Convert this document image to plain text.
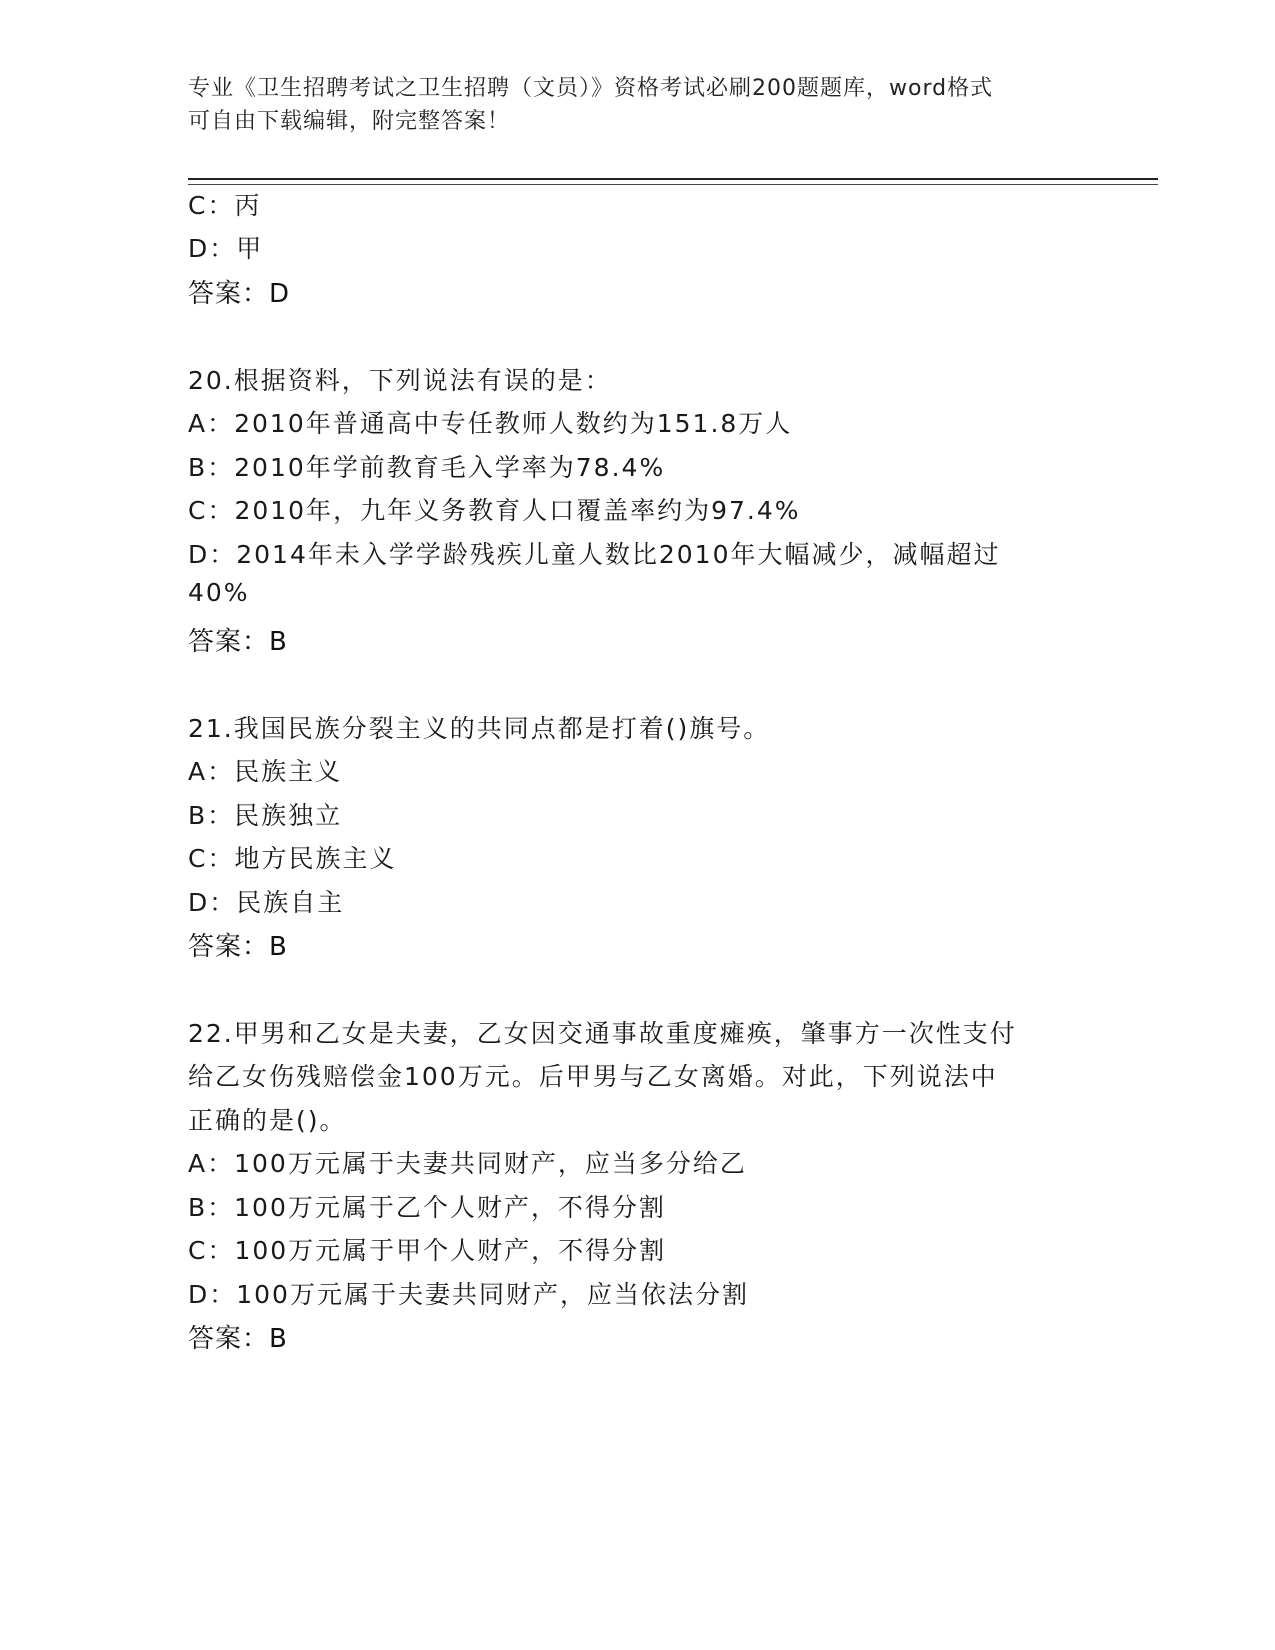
专业《卫生招聘考试之卫生招聘（文员）》资格考试必刷200题题库，word格式
可自由下载编辑，附完整答案！
C：丙
D：甲
答案：D
20.根据资料，下列说法有误的是：
A：2010年普通高中专任教师人数约为151.8万人
B：2010年学前教育毛入学率为78.4%
C：2010年，九年义务教育人口覆盖率约为97.4%
D：2014年未入学学龄残疾儿童人数比2010年大幅减少，减幅超过
40%
答案：B
21.我国民族分裂主义的共同点都是打着()旗号。
A：民族主义
B：民族独立
C：地方民族主义
D：民族自主
答案：B
22.甲男和乙女是夫妻，乙女因交通事故重度瘫痪，肇事方一次性支付
给乙女伤残赔偿金100万元。后甲男与乙女离婚。对此，下列说法中
正确的是()。
A：100万元属于夫妻共同财产，应当多分给乙
B：100万元属于乙个人财产，不得分割
C：100万元属于甲个人财产，不得分割
D：100万元属于夫妻共同财产，应当依法分割
答案：B
